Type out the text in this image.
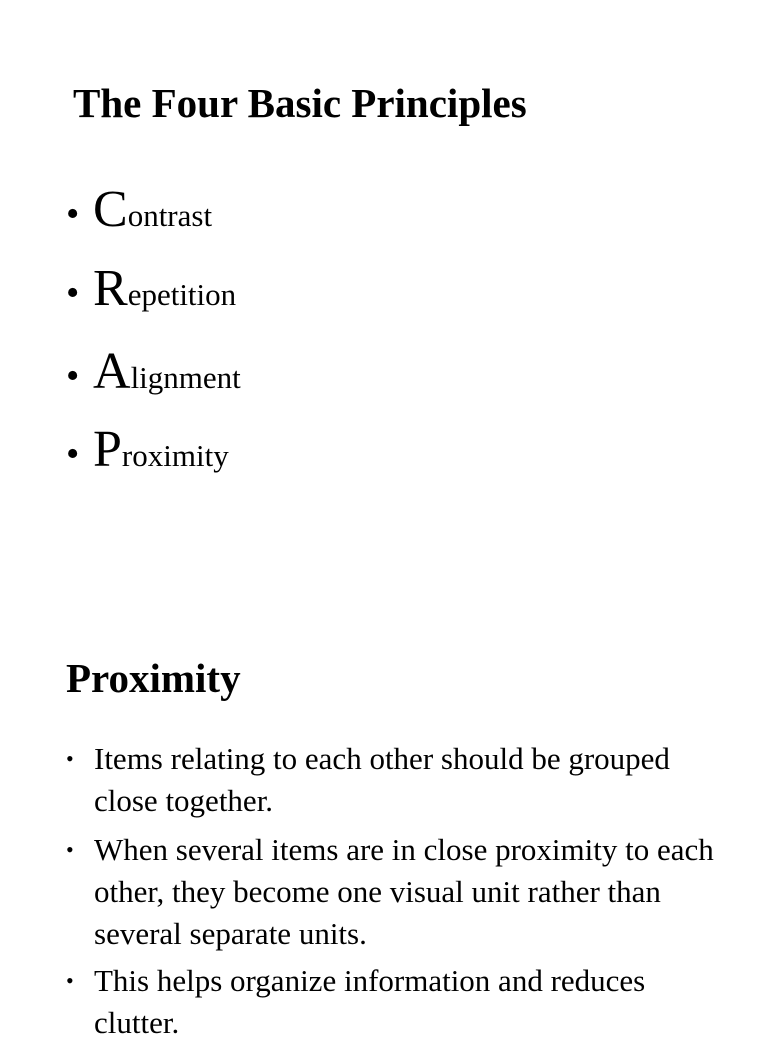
The Four Basic Principles
• Contrast
• Repetition
• Alignment
• Proximity
Proximity
• Items relating to each other should be grouped close together.
• When several items are in close proximity to each other, they become one visual unit rather than several separate units.
• This helps organize information and reduces clutter.
